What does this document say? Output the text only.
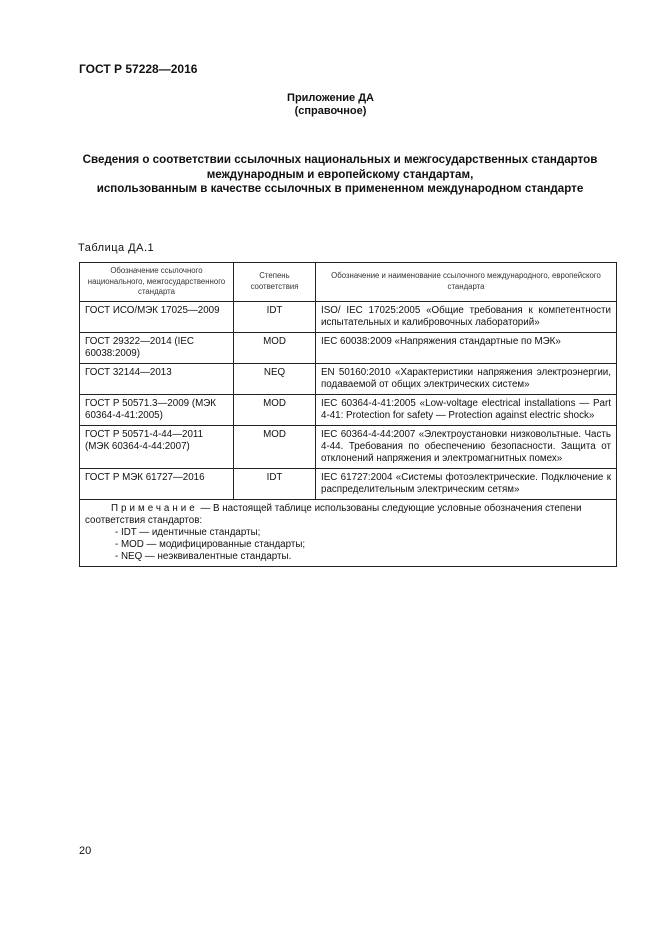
ГОСТ Р 57228—2016
Приложение ДА
(справочное)
Сведения о соответствии ссылочных национальных и межгосударственных стандартов
международным и европейскому стандартам,
использованным в качестве ссылочных в примененном международном стандарте
Таблица ДА.1
Обозначение ссылочного национального, межгосударственного стандарта	Степень соответствия	Обозначение и наименование ссылочного международного, европейского стандарта
ГОСТ ИСО/МЭК 17025—2009	IDT	ISO/ IEC 17025:2005 «Общие требования к компетентности испытательных и калибровочных лабораторий»
ГОСТ 29322—2014 (IEC 60038:2009)	MOD	IEC 60038:2009 «Напряжения стандартные по МЭК»
ГОСТ 32144—2013	NEQ	EN 50160:2010 «Характеристики напряжения электроэнергии, подаваемой от общих электрических систем»
ГОСТ Р 50571.3—2009 (МЭК 60364-4-41:2005)	MOD	IEC 60364-4-41:2005 «Low-voltage electrical installations — Part 4-41: Protection for safety — Protection against electric shock»
ГОСТ Р 50571-4-44—2011 (МЭК 60364-4-44:2007)	MOD	IEC 60364-4-44:2007 «Электроустановки низковольтные. Часть 4-44. Требования по обеспечению безопасности. Защита от отклонений напряжения и электромагнитных помех»
ГОСТ Р МЭК 61727—2016	IDT	IEC 61727:2004 «Системы фотоэлектрические. Подключение к распределительным электрическим сетям»
Примечание — В настоящей таблице использованы следующие условные обозначения степени соответствия стандартов:
- IDT — идентичные стандарты;
- MOD — модифицированные стандарты;
- NEQ — неэквивалентные стандарты.		
20
